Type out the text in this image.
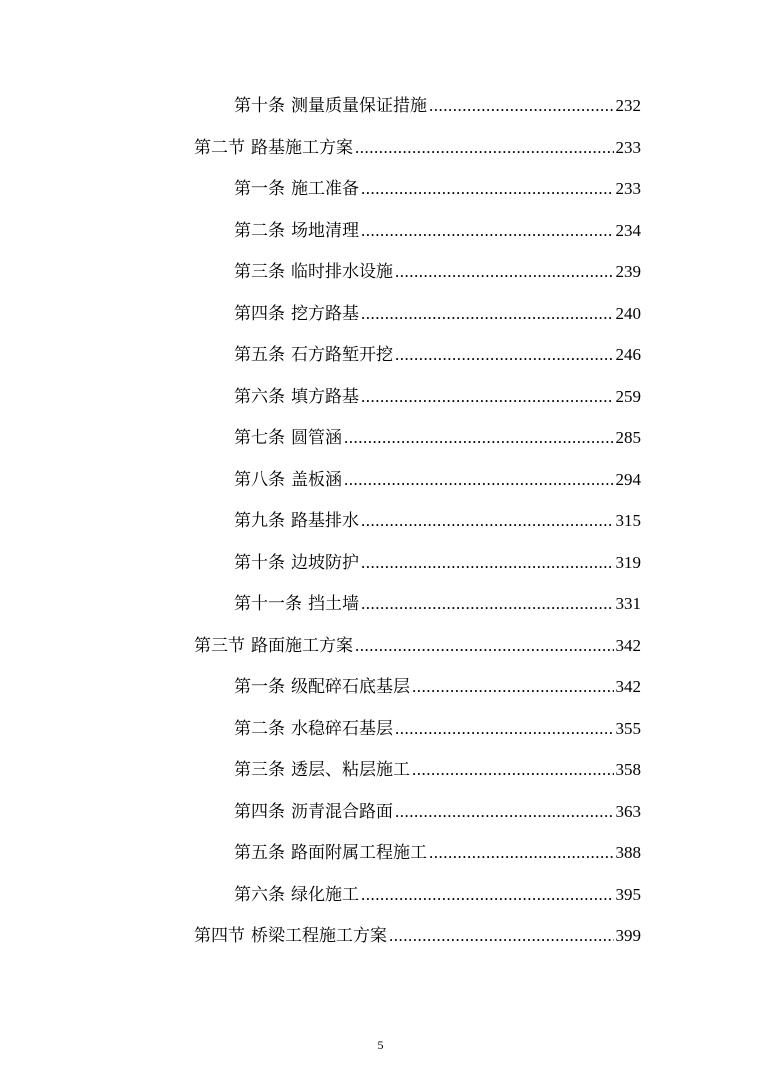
第十条 测量质量保证措施 .....	232
第二节 路基施工方案 .....	233
第一条 施工准备 .....	233
第二条 场地清理 .....	234
第三条 临时排水设施 .....	239
第四条 挖方路基 .....	240
第五条 石方路堑开挖 .....	246
第六条 填方路基 .....	259
第七条 圆管涵 .....	285
第八条 盖板涵 .....	294
第九条 路基排水 .....	315
第十条 边坡防护 .....	319
第十一条 挡土墙 .....	331
第三节 路面施工方案 .....	342
第一条 级配碎石底基层 .....	342
第二条 水稳碎石基层 .....	355
第三条 透层、粘层施工 .....	358
第四条 沥青混合路面 .....	363
第五条 路面附属工程施工 .....	388
第六条 绿化施工 .....	395
第四节 桥梁工程施工方案 .....	399
5
